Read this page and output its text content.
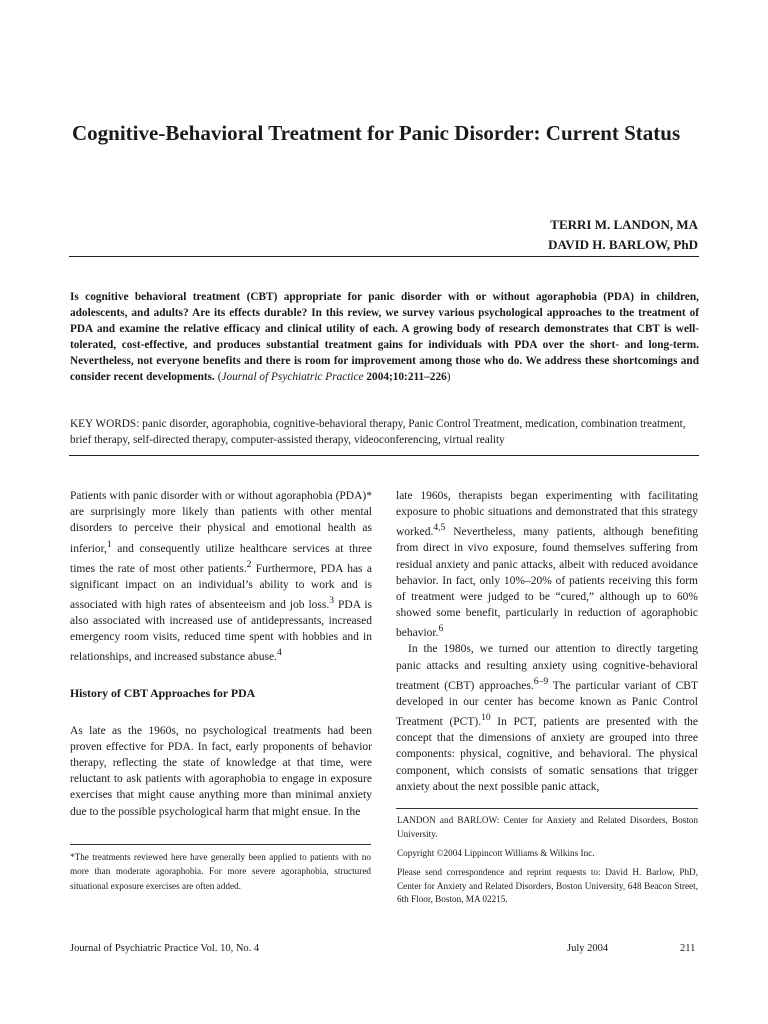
Cognitive-Behavioral Treatment for Panic Disorder: Current Status
TERRI M. LANDON, MA
DAVID H. BARLOW, PhD

Is cognitive behavioral treatment (CBT) appropriate for panic disorder with or without agoraphobia (PDA) in children, adolescents, and adults? Are its effects durable? In this review, we survey various psychological approaches to the treatment of PDA and examine the relative efficacy and clinical utility of each. A growing body of research demonstrates that CBT is well-tolerated, cost-effective, and produces substantial treatment gains for individuals with PDA over the short- and long-term. Nevertheless, not everyone benefits and there is room for improvement among those who do. We address these shortcomings and consider recent developments. (Journal of Psychiatric Practice 2004;10:211–226)

KEY WORDS: panic disorder, agoraphobia, cognitive-behavioral therapy, Panic Control Treatment, medication, combination treatment, brief therapy, self-directed therapy, computer-assisted therapy, videoconferencing, virtual reality

Patients with panic disorder with or without agoraphobia (PDA)* are surprisingly more likely than patients with other mental disorders to perceive their physical and emotional health as inferior,$^1$ and consequently utilize healthcare services at three times the rate of most other patients.$^2$ Furthermore, PDA has a significant impact on an individual’s ability to work and is associated with high rates of absenteeism and job loss.$^3$ PDA is also associated with increased use of antidepressants, increased emergency room visits, reduced time spent with hobbies and in relationships, and increased substance abuse.$^4$

History of CBT Approaches for PDA

As late as the 1960s, no psychological treatments had been proven effective for PDA. In fact, early proponents of behavior therapy, reflecting the state of knowledge at that time, were reluctant to ask patients with agoraphobia to engage in exposure exercises that might cause anything more than minimal anxiety due to the possible psychological harm that might ensue. In the

*The treatments reviewed here have generally been applied to patients with no more than moderate agoraphobia. For more severe agoraphobia, structured situational exposure exercises are often added.

late 1960s, therapists began experimenting with facilitating exposure to phobic situations and demonstrated that this strategy worked.$^{4,5}$ Nevertheless, many patients, although benefiting from direct in vivo exposure, found themselves suffering from residual anxiety and panic attacks, albeit with reduced avoidance behavior. In fact, only 10%–20% of patients receiving this form of treatment were judged to be “cured,” although up to 60% showed some benefit, particularly in reduction of agoraphobic behavior.$^6$

In the 1980s, we turned our attention to directly targeting panic attacks and resulting anxiety using cognitive-behavioral treatment (CBT) approaches.$^{6-9}$ The particular variant of CBT developed in our center has become known as Panic Control Treatment (PCT).$^{10}$ In PCT, patients are presented with the concept that the dimensions of anxiety are grouped into three components: physical, cognitive, and behavioral. The physical component, which consists of somatic sensations that trigger anxiety about the next possible panic attack,

LANDON and BARLOW: Center for Anxiety and Related Disorders, Boston University.

Copyright ©2004 Lippincott Williams & Wilkins Inc.

Please send correspondence and reprint requests to: David H. Barlow, PhD, Center for Anxiety and Related Disorders, Boston University, 648 Beacon Street, 6th Floor, Boston, MA 02215.

Journal of Psychiatric Practice Vol. 10, No. 4	July 2004	211
